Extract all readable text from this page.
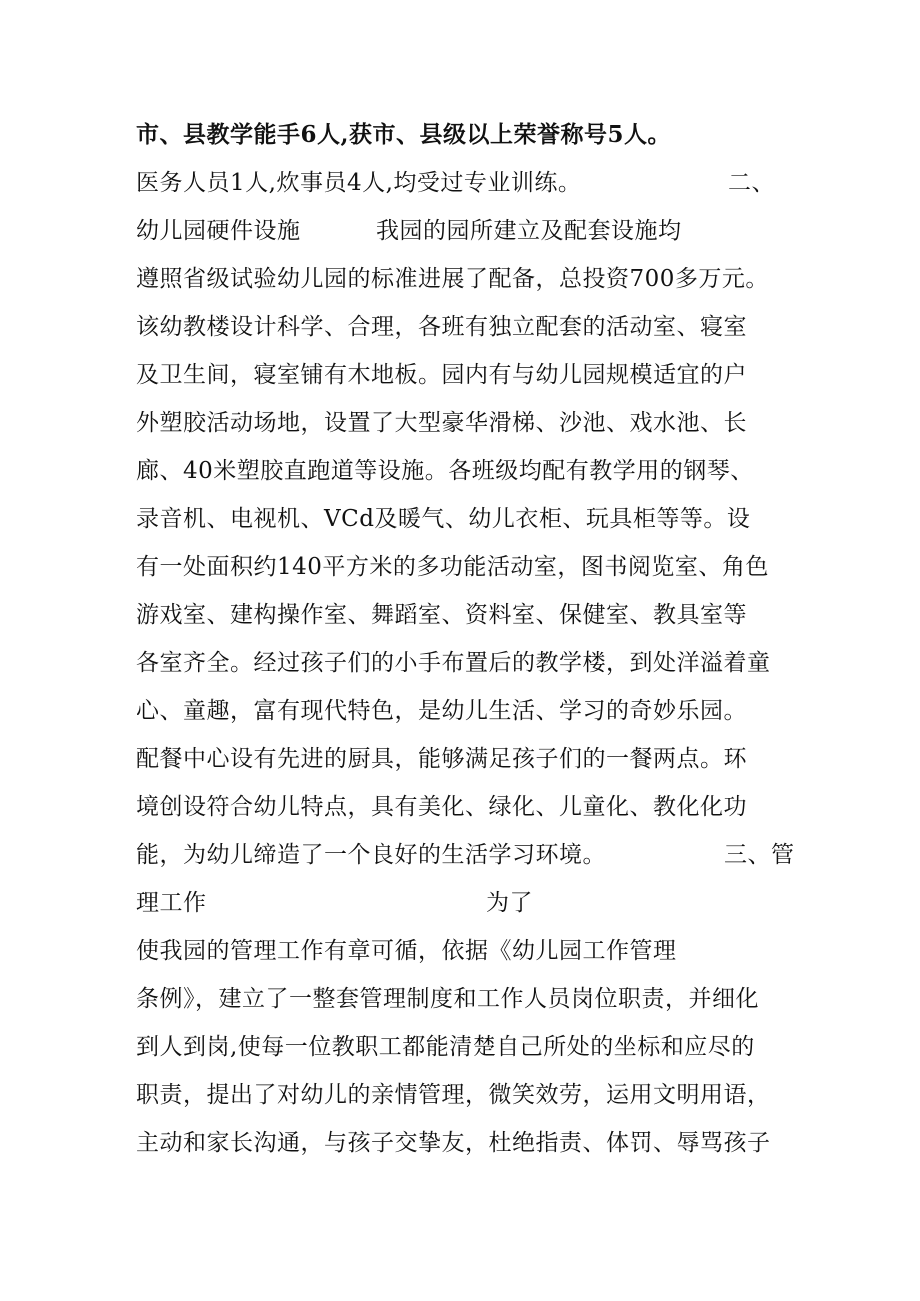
市、县教学能手6人,获市、县级以上荣誉称号5人。
医务人员1人,炊事员4人,均受过专业训练。	二、
幼儿园硬件设施	我园的园所建立及配套设施均
遵照省级试验幼儿园的标准进展了配备，总投资700多万元。
该幼教楼设计科学、合理，各班有独立配套的活动室、寝室
及卫生间，寝室铺有木地板。园内有与幼儿园规模适宜的户
外塑胶活动场地，设置了大型豪华滑梯、沙池、戏水池、长
廊、40米塑胶直跑道等设施。各班级均配有教学用的钢琴、
录音机、电视机、VCd及暖气、幼儿衣柜、玩具柜等等。设
有一处面积约140平方米的多功能活动室，图书阅览室、角色
游戏室、建构操作室、舞蹈室、资料室、保健室、教具室等
各室齐全。经过孩子们的小手布置后的教学楼，到处洋溢着童
心、童趣，富有现代特色，是幼儿生活、学习的奇妙乐园。
配餐中心设有先进的厨具，能够满足孩子们的一餐两点。环
境创设符合幼儿特点，具有美化、绿化、儿童化、教化化功
能，为幼儿缔造了一个良好的生活学习环境。	三、管
理工作	为了
使我园的管理工作有章可循，依据《幼儿园工作管理
条例》，建立了一整套管理制度和工作人员岗位职责，并细化
到人到岗,使每一位教职工都能清楚自己所处的坐标和应尽的
职责，提出了对幼儿的亲情管理，微笑效劳，运用文明用语，
主动和家长沟通，与孩子交挚友，杜绝指责、体罚、辱骂孩子
